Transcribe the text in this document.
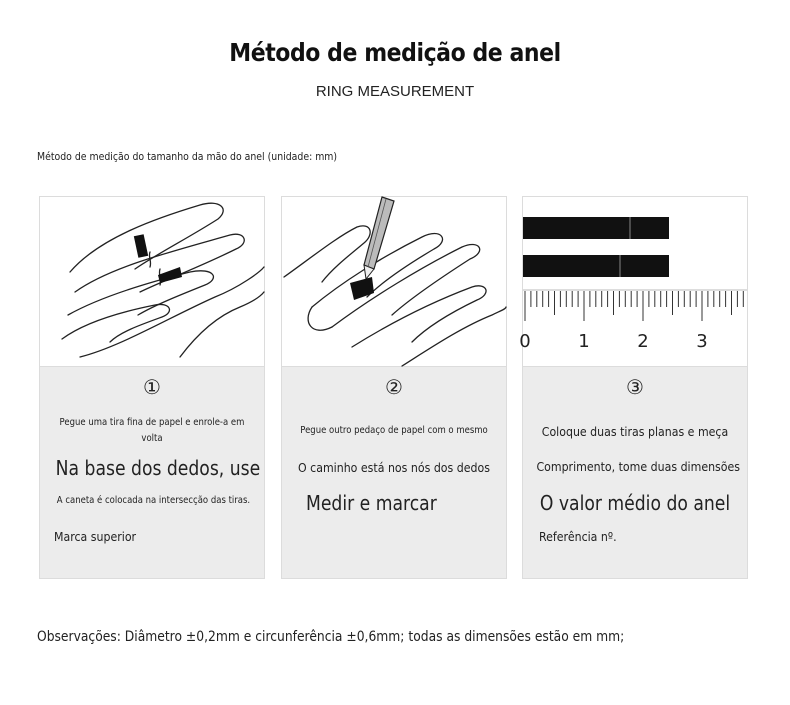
Método de medição de anel
RING MEASUREMENT
Método de medição do tamanho da mão do anel (unidade: mm)
①
Pegue uma tira fina de papel e enrole-a em
volta
Na base dos dedos, use
A caneta é colocada na intersecção das tiras.
Marca superior
②
Pegue outro pedaço de papel com o mesmo
O caminho está nos nós dos dedos
Medir e marcar
0	1	2	3
③
Coloque duas tiras planas e meça
Comprimento, tome duas dimensões
O valor médio do anel
Referência nº.
Observações: Diâmetro ±0,2mm e circunferência ±0,6mm; todas as dimensões estão em mm;
